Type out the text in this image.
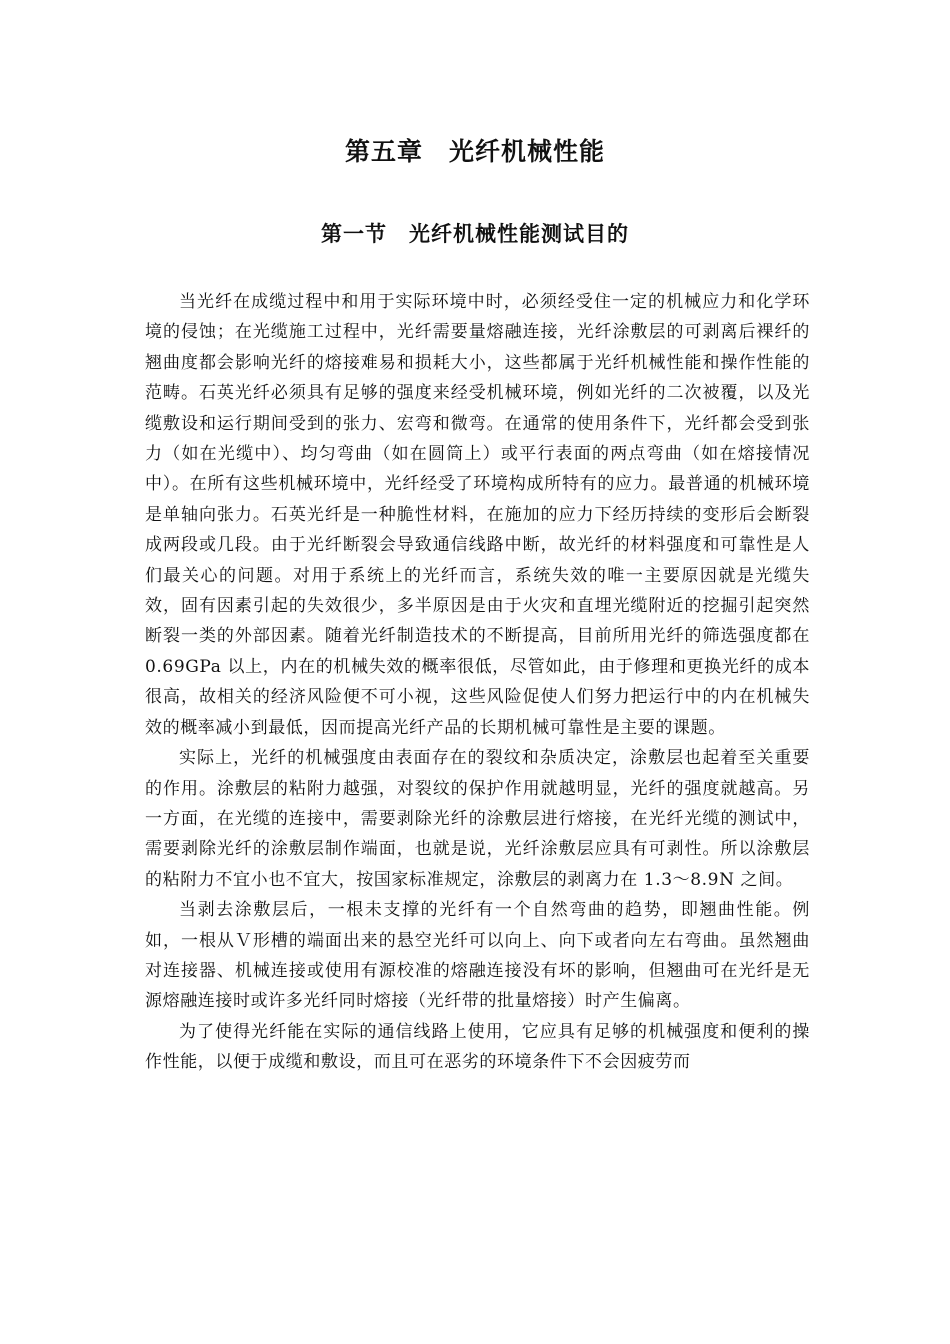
第五章　光纤机械性能
第一节　光纤机械性能测试目的

当光纤在成缆过程中和用于实际环境中时，必须经受住一定的机械应力和化学环境的侵蚀；在光缆施工过程中，光纤需要量熔融连接，光纤涂敷层的可剥离后裸纤的翘曲度都会影响光纤的熔接难易和损耗大小，这些都属于光纤机械性能和操作性能的范畴。石英光纤必须具有足够的强度来经受机械环境，例如光纤的二次被覆，以及光缆敷设和运行期间受到的张力、宏弯和微弯。在通常的使用条件下，光纤都会受到张力（如在光缆中）、均匀弯曲（如在圆筒上）或平行表面的两点弯曲（如在熔接情况中）。在所有这些机械环境中，光纤经受了环境构成所特有的应力。最普通的机械环境是单轴向张力。石英光纤是一种脆性材料，在施加的应力下经历持续的变形后会断裂成两段或几段。由于光纤断裂会导致通信线路中断，故光纤的材料强度和可靠性是人们最关心的问题。对用于系统上的光纤而言，系统失效的唯一主要原因就是光缆失效，固有因素引起的失效很少，多半原因是由于火灾和直埋光缆附近的挖掘引起突然断裂一类的外部因素。随着光纤制造技术的不断提高，目前所用光纤的筛选强度都在 0.69GPa 以上，内在的机械失效的概率很低，尽管如此，由于修理和更换光纤的成本很高，故相关的经济风险便不可小视，这些风险促使人们努力把运行中的内在机械失效的概率减小到最低，因而提高光纤产品的长期机械可靠性是主要的课题。

实际上，光纤的机械强度由表面存在的裂纹和杂质决定，涂敷层也起着至关重要的作用。涂敷层的粘附力越强，对裂纹的保护作用就越明显，光纤的强度就越高。另一方面，在光缆的连接中，需要剥除光纤的涂敷层进行熔接，在光纤光缆的测试中，需要剥除光纤的涂敷层制作端面，也就是说，光纤涂敷层应具有可剥性。所以涂敷层的粘附力不宜小也不宜大，按国家标准规定，涂敷层的剥离力在 1.3～8.9N 之间。

当剥去涂敷层后，一根未支撑的光纤有一个自然弯曲的趋势，即翘曲性能。例如，一根从Ｖ形槽的端面出来的悬空光纤可以向上、向下或者向左右弯曲。虽然翘曲对连接器、机械连接或使用有源校准的熔融连接没有坏的影响，但翘曲可在光纤是无源熔融连接时或许多光纤同时熔接（光纤带的批量熔接）时产生偏离。

为了使得光纤能在实际的通信线路上使用，它应具有足够的机械强度和便利的操作性能，以便于成缆和敷设，而且可在恶劣的环境条件下不会因疲劳而
